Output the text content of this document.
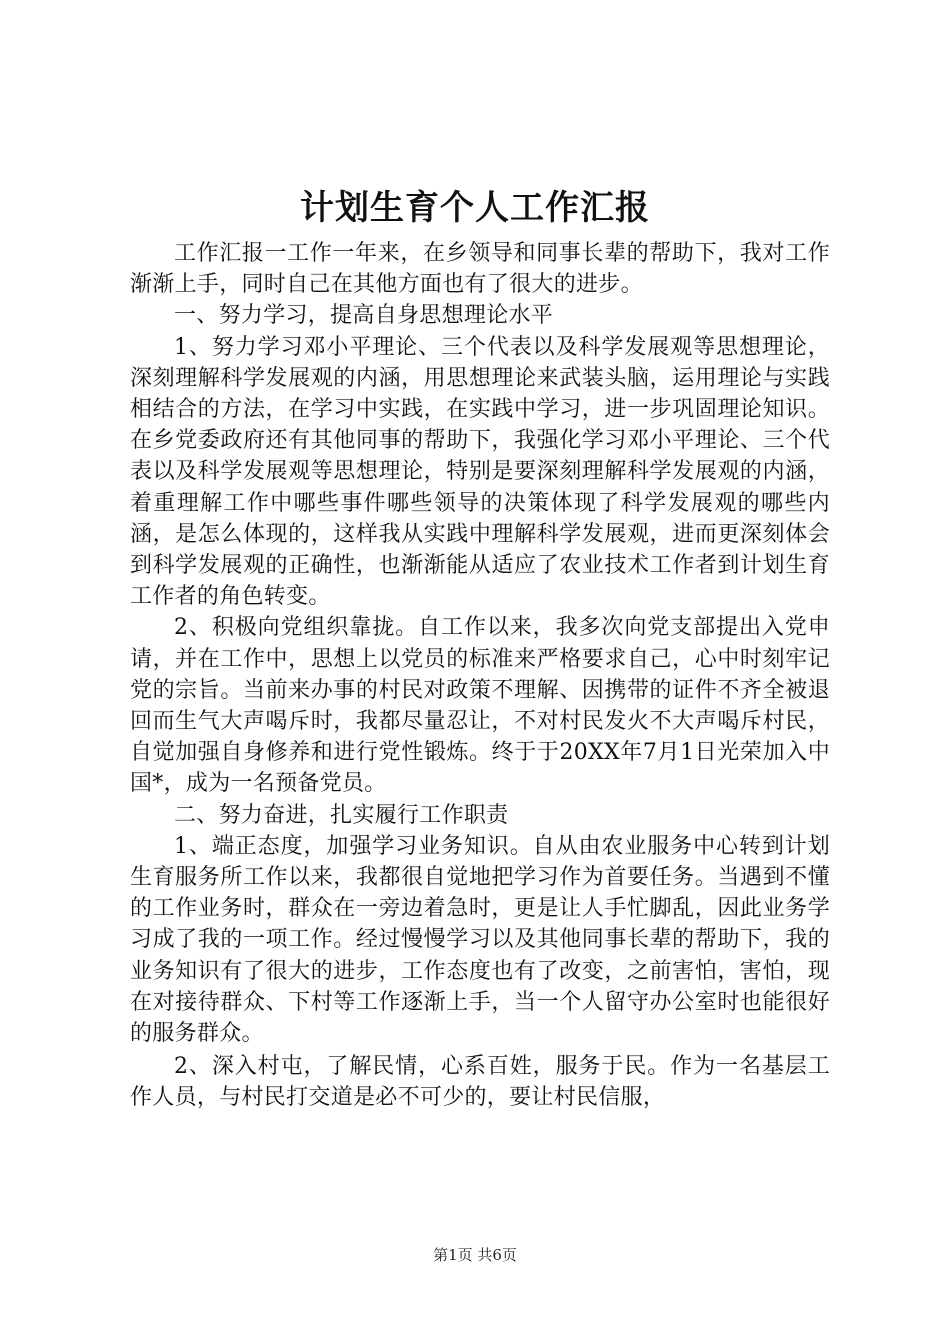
计划生育个人工作汇报

工作汇报一工作一年来，在乡领导和同事长辈的帮助下，我对工作渐渐上手，同时自己在其他方面也有了很大的进步。

一、努力学习，提高自身思想理论水平

1、努力学习邓小平理论、三个代表以及科学发展观等思想理论，深刻理解科学发展观的内涵，用思想理论来武装头脑，运用理论与实践相结合的方法，在学习中实践，在实践中学习，进一步巩固理论知识。在乡党委政府还有其他同事的帮助下，我强化学习邓小平理论、三个代表以及科学发展观等思想理论，特别是要深刻理解科学发展观的内涵，着重理解工作中哪些事件哪些领导的决策体现了科学发展观的哪些内涵，是怎么体现的，这样我从实践中理解科学发展观，进而更深刻体会到科学发展观的正确性，也渐渐能从适应了农业技术工作者到计划生育工作者的角色转变。

2、积极向党组织靠拢。自工作以来，我多次向党支部提出入党申请，并在工作中，思想上以党员的标准来严格要求自己，心中时刻牢记党的宗旨。当前来办事的村民对政策不理解、因携带的证件不齐全被退回而生气大声喝斥时，我都尽量忍让，不对村民发火不大声喝斥村民，自觉加强自身修养和进行党性锻炼。终于于20XX年7月1日光荣加入中国*，成为一名预备党员。

二、努力奋进，扎实履行工作职责

1、端正态度，加强学习业务知识。自从由农业服务中心转到计划生育服务所工作以来，我都很自觉地把学习作为首要任务。当遇到不懂的工作业务时，群众在一旁边着急时，更是让人手忙脚乱，因此业务学习成了我的一项工作。经过慢慢学习以及其他同事长辈的帮助下，我的业务知识有了很大的进步，工作态度也有了改变，之前害怕，害怕，现在对接待群众、下村等工作逐渐上手，当一个人留守办公室时也能很好的服务群众。

2、深入村屯，了解民情，心系百姓，服务于民。作为一名基层工作人员，与村民打交道是必不可少的，要让村民信服，

第1页 共6页
